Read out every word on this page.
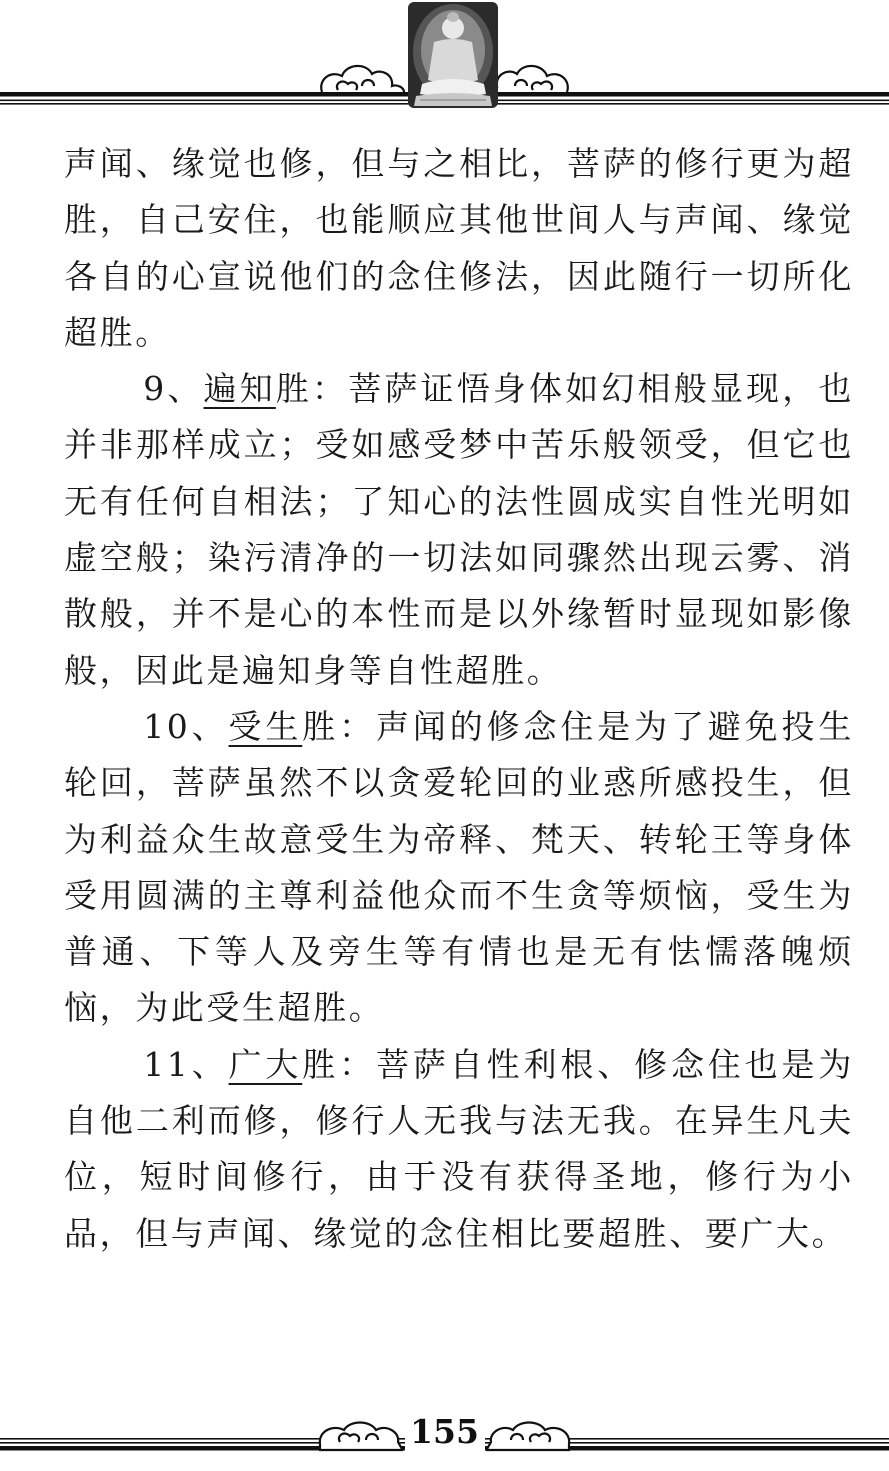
声闻、缘觉也修，但与之相比，菩萨的修行更为超胜，自己安住，也能顺应其他世间人与声闻、缘觉各自的心宣说他们的念住修法，因此随行一切所化超胜。

9、遍知胜：菩萨证悟身体如幻相般显现，也并非那样成立；受如感受梦中苦乐般领受，但它也无有任何自相法；了知心的法性圆成实自性光明如虚空般；染污清净的一切法如同骤然出现云雾、消散般，并不是心的本性而是以外缘暂时显现如影像般，因此是遍知身等自性超胜。

10、受生胜：声闻的修念住是为了避免投生轮回，菩萨虽然不以贪爱轮回的业惑所感投生，但为利益众生故意受生为帝释、梵天、转轮王等身体受用圆满的主尊利益他众而不生贪等烦恼，受生为普通、下等人及旁生等有情也是无有怯懦落魄烦恼，为此受生超胜。

11、广大胜：菩萨自性利根、修念住也是为自他二利而修，修行人无我与法无我。在异生凡夫位，短时间修行，由于没有获得圣地，修行为小品，但与声闻、缘觉的念住相比要超胜、要广大。

155
